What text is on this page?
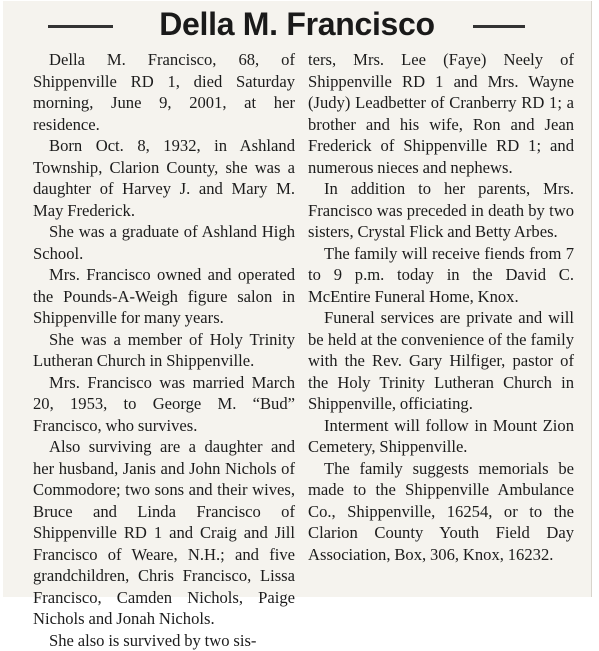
Della M. Francisco

Della M. Francisco, 68, of Shippenville RD 1, died Saturday morning, June 9, 2001, at her residence.

Born Oct. 8, 1932, in Ashland Township, Clarion County, she was a daughter of Harvey J. and Mary M. May Frederick.

She was a graduate of Ashland High School.

Mrs. Francisco owned and operated the Pounds-A-Weigh figure salon in Shippenville for many years.

She was a member of Holy Trinity Lutheran Church in Shippenville.

Mrs. Francisco was married March 20, 1953, to George M. “Bud” Francisco, who survives.

Also surviving are a daughter and her husband, Janis and John Nichols of Commodore; two sons and their wives, Bruce and Linda Francisco of Shippenville RD 1 and Craig and Jill Francisco of Weare, N.H.; and five grandchildren, Chris Francisco, Lissa Francisco, Camden Nichols, Paige Nichols and Jonah Nichols.

She also is survived by two sis-

ters, Mrs. Lee (Faye) Neely of Shippenville RD 1 and Mrs. Wayne (Judy) Leadbetter of Cranberry RD 1; a brother and his wife, Ron and Jean Frederick of Shippenville RD 1; and numerous nieces and nephews.

In addition to her parents, Mrs. Francisco was preceded in death by two sisters, Crystal Flick and Betty Arbes.

The family will receive fiends from 7 to 9 p.m. today in the David C. McEntire Funeral Home, Knox.

Funeral services are private and will be held at the convenience of the family with the Rev. Gary Hilfiger, pastor of the Holy Trinity Lutheran Church in Shippenville, officiating.

Interment will follow in Mount Zion Cemetery, Shippenville.

The family suggests memorials be made to the Shippenville Ambulance Co., Shippenville, 16254, or to the Clarion County Youth Field Day Association, Box, 306, Knox, 16232.
